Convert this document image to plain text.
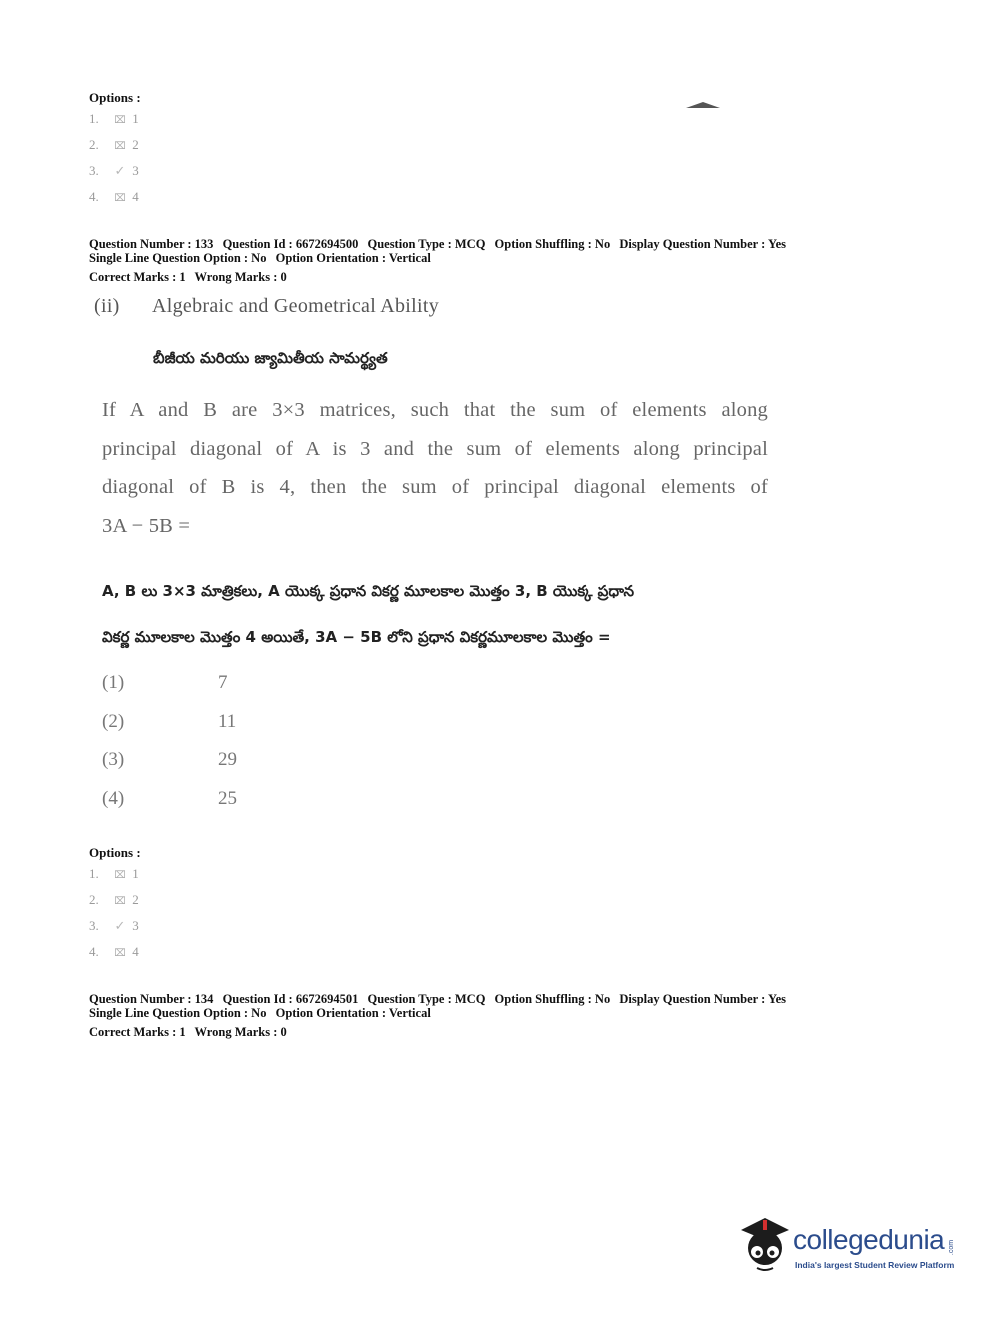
Options :
1. ⌧ 1
2. ⌧ 2
3. ✓ 3
4. ⌧ 4
Question Number : 133 Question Id : 6672694500 Question Type : MCQ Option Shuffling : No Display Question Number : Yes
Single Line Question Option : No Option Orientation : Vertical
Correct Marks : 1 Wrong Marks : 0
(ii) Algebraic and Geometrical Ability
బీజీయ మరియు జ్యామితీయ సామర్థ్యత
If A and B are 3×3 matrices, such that the sum of elements along
principal diagonal of A is 3 and the sum of elements along principal
diagonal of B is 4, then the sum of principal diagonal elements of
3A − 5B =
A, B లు 3×3 మాత్రికలు, A యొక్క ప్రధాన వికర్ణ మూలకాల మొత్తం 3, B యొక్క ప్రధాన
వికర్ణ మూలకాల మొత్తం 4 అయితే, 3A − 5B లోని ప్రధాన వికర్ణమూలకాల మొత్తం =
(1)	7
(2)	11
(3)	29
(4)	25
Options :
1. ⌧ 1
2. ⌧ 2
3. ✓ 3
4. ⌧ 4
Question Number : 134 Question Id : 6672694501 Question Type : MCQ Option Shuffling : No Display Question Number : Yes
Single Line Question Option : No Option Orientation : Vertical
Correct Marks : 1 Wrong Marks : 0
collegedunia .com
India's largest Student Review Platform
